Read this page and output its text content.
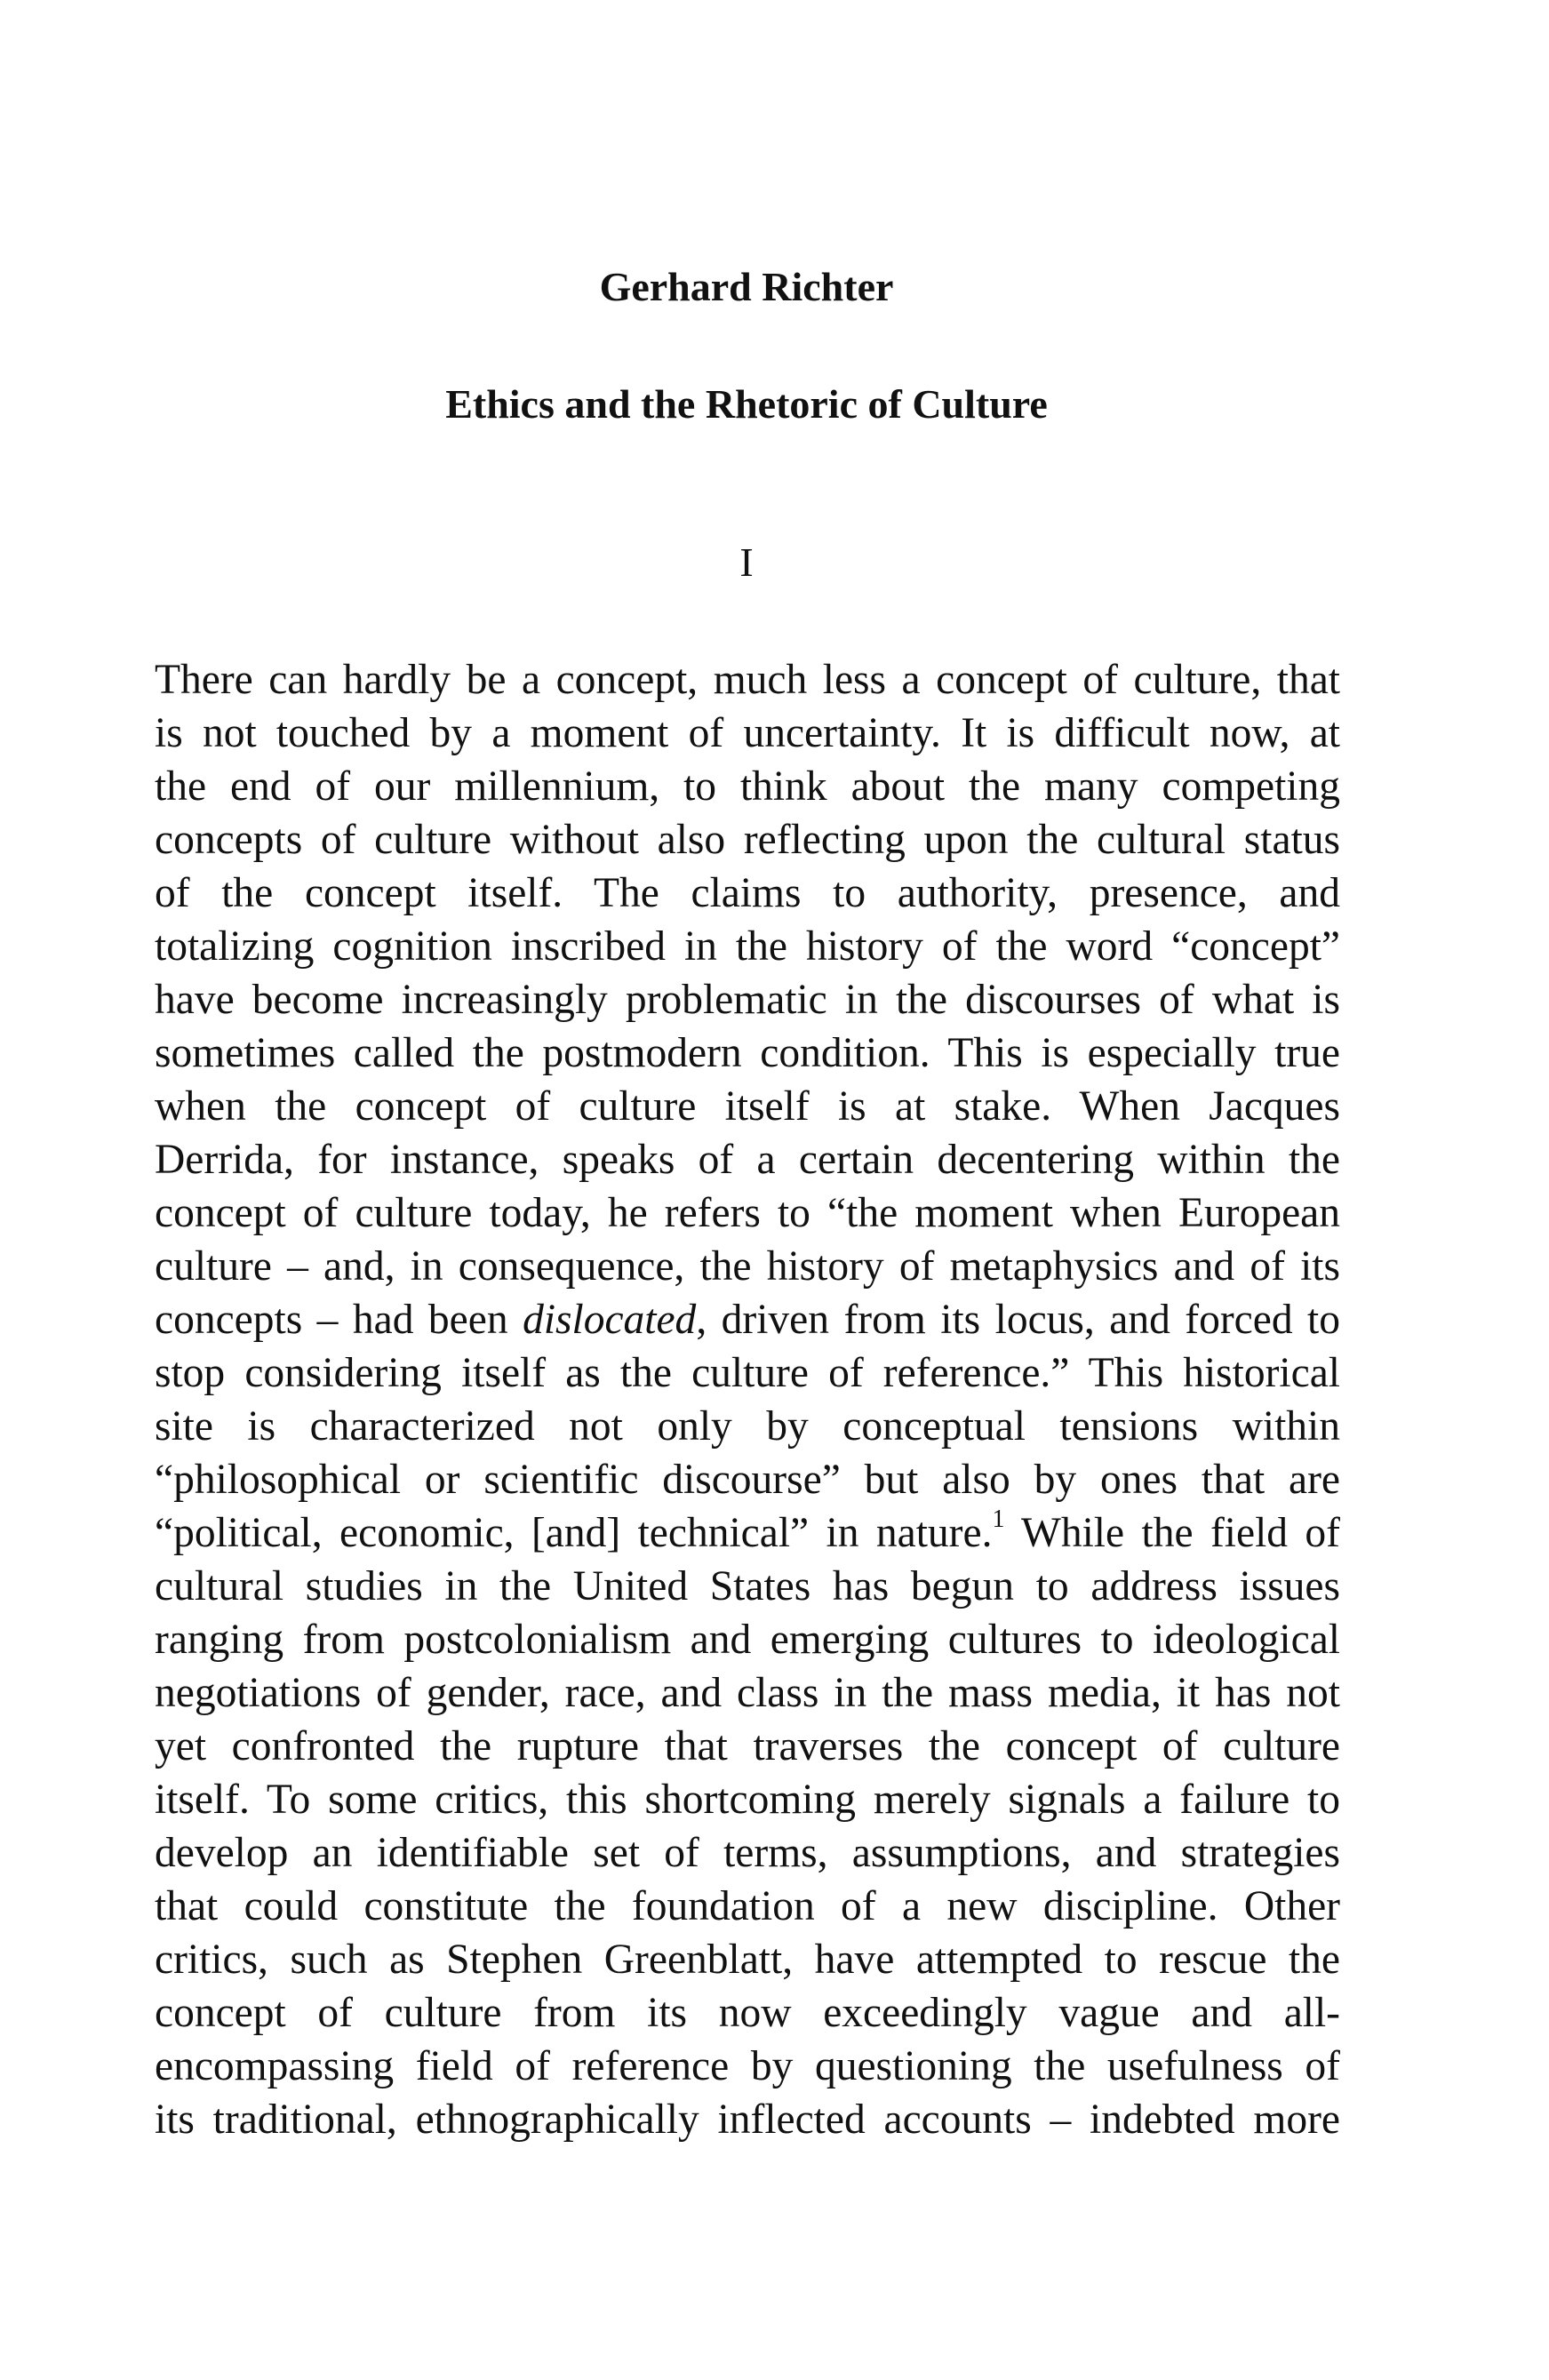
Gerhard Richter
Ethics and the Rhetoric of Culture
I
There can hardly be a concept, much less a concept of culture, that
is not touched by a moment of uncertainty. It is difficult now, at
the end of our millennium, to think about the many competing
concepts of culture without also reflecting upon the cultural status
of the concept itself. The claims to authority, presence, and
totalizing cognition inscribed in the history of the word “concept”
have become increasingly problematic in the discourses of what is
sometimes called the postmodern condition. This is especially true
when the concept of culture itself is at stake. When Jacques
Derrida, for instance, speaks of a certain decentering within the
concept of culture today, he refers to “the moment when European
culture – and, in consequence, the history of metaphysics and of its
concepts – had been dislocated, driven from its locus, and forced to
stop considering itself as the culture of reference.” This historical
site is characterized not only by conceptual tensions within
“philosophical or scientific discourse” but also by ones that are
“political, economic, [and] technical” in nature.$^1$ While the field of
cultural studies in the United States has begun to address issues
ranging from postcolonialism and emerging cultures to ideological
negotiations of gender, race, and class in the mass media, it has not
yet confronted the rupture that traverses the concept of culture
itself. To some critics, this shortcoming merely signals a failure to
develop an identifiable set of terms, assumptions, and strategies
that could constitute the foundation of a new discipline. Other
critics, such as Stephen Greenblatt, have attempted to rescue the
concept of culture from its now exceedingly vague and all-
encompassing field of reference by questioning the usefulness of
its traditional, ethnographically inflected accounts – indebted more
